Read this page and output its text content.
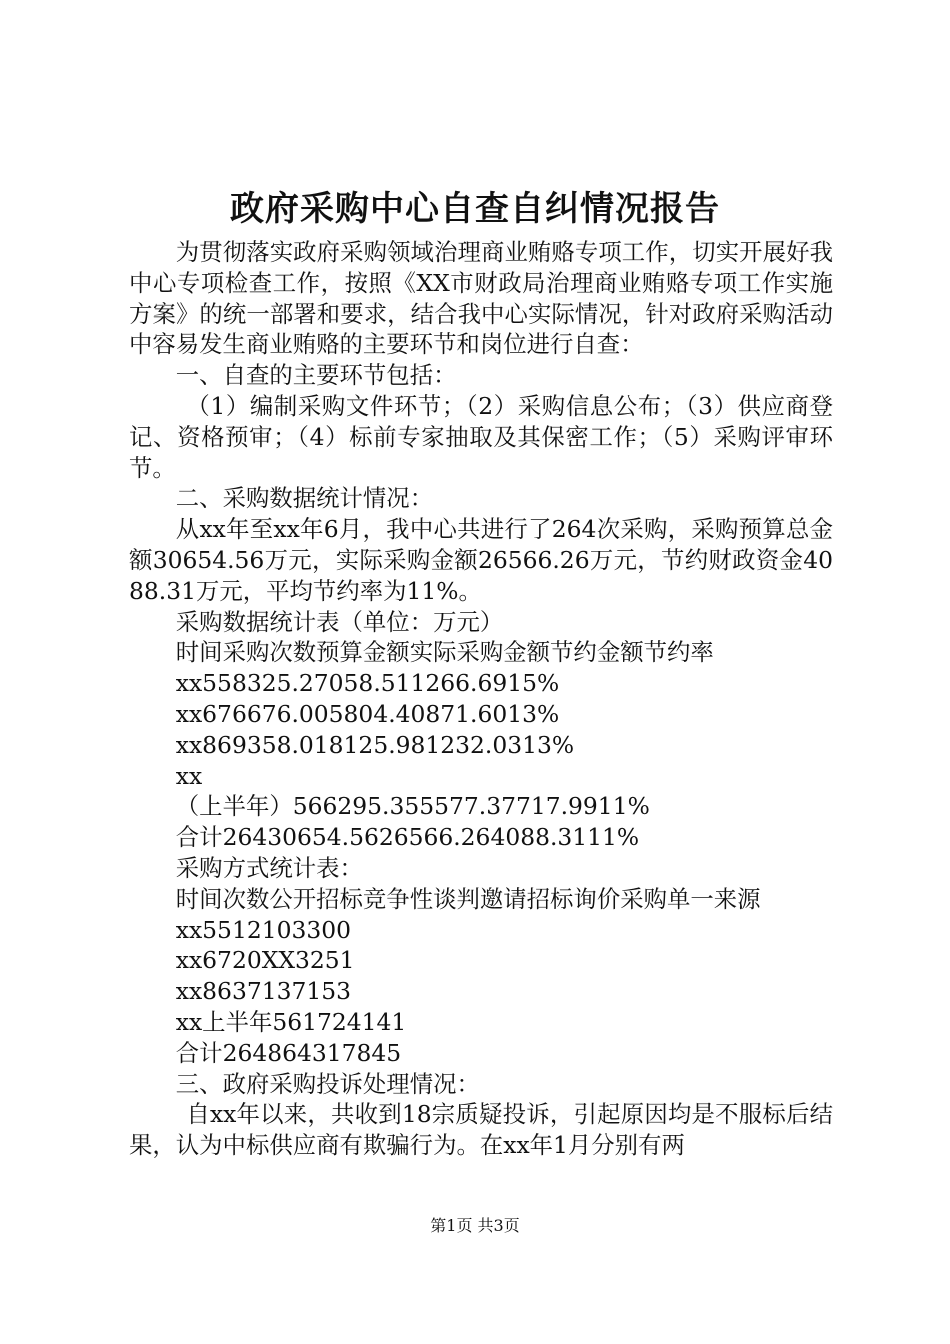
政府采购中心自查自纠情况报告

为贯彻落实政府采购领域治理商业贿赂专项工作，切实开展好我中心专项检查工作，按照《XX市财政局治理商业贿赂专项工作实施方案》的统一部署和要求，结合我中心实际情况，针对政府采购活动中容易发生商业贿赂的主要环节和岗位进行自查：

一、自查的主要环节包括：

（1）编制采购文件环节；（2）采购信息公布；（3）供应商登记、资格预审；（4）标前专家抽取及其保密工作；（5）采购评审环节。

二、采购数据统计情况：

从xx年至xx年6月，我中心共进行了264次采购，采购预算总金额30654.56万元，实际采购金额26566.26万元，节约财政资金4088.31万元，平均节约率为11%。

采购数据统计表（单位：万元）

时间采购次数预算金额实际采购金额节约金额节约率

xx558325.27058.511266.6915%

xx676676.005804.40871.6013%

xx869358.018125.981232.0313%

xx

（上半年）566295.355577.37717.9911%

合计26430654.5626566.264088.3111%

采购方式统计表：

时间次数公开招标竞争性谈判邀请招标询价采购单一来源

xx5512103300

xx6720XX3251

xx8637137153

xx上半年561724141

合计264864317845

三、政府采购投诉处理情况：

自xx年以来，共收到18宗质疑投诉，引起原因均是不服标后结果，认为中标供应商有欺骗行为。在xx年1月分别有两

第1页 共3页
